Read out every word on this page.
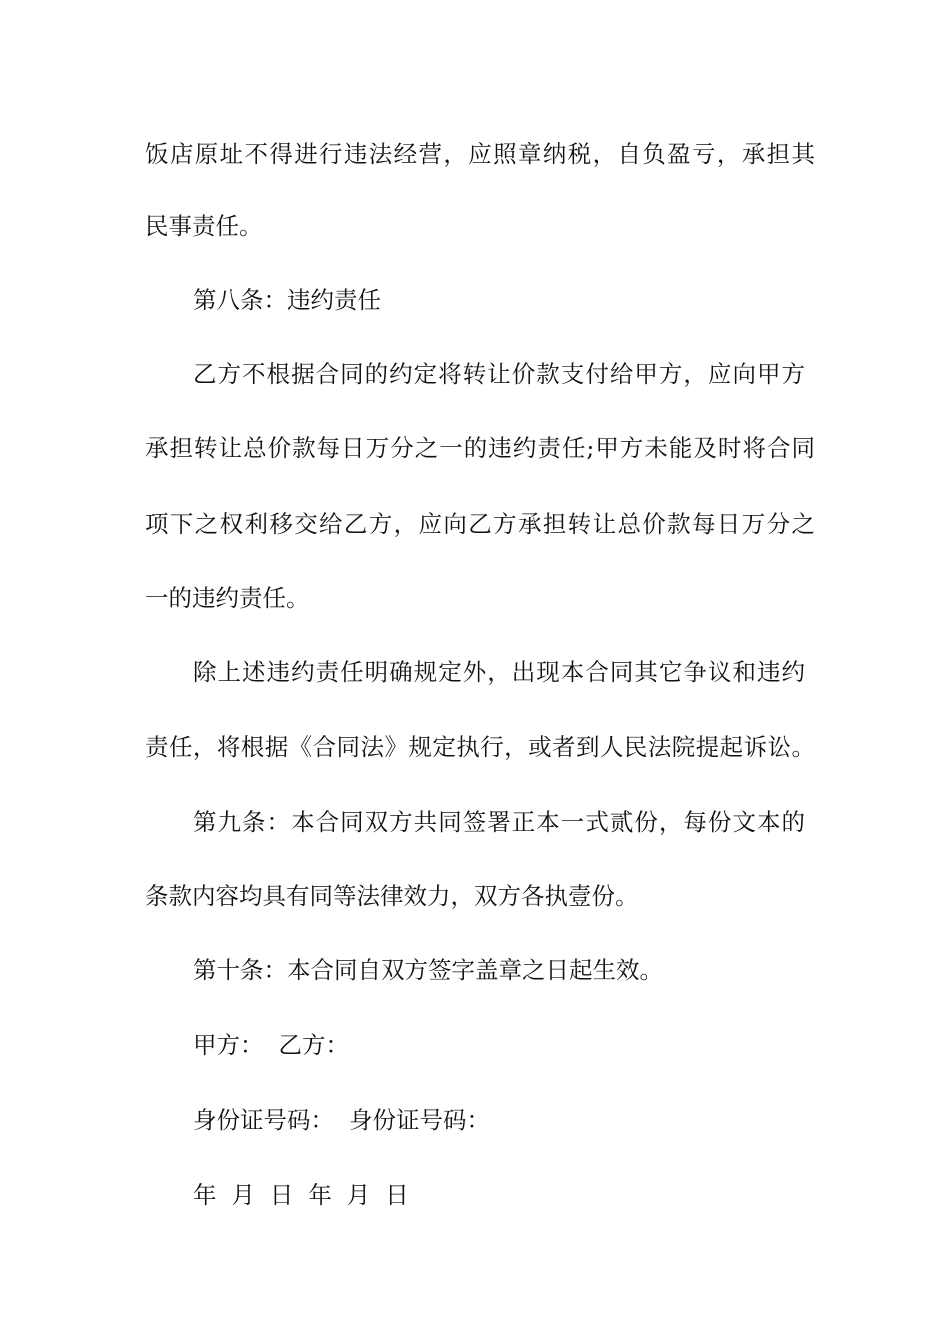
饭店原址不得进行违法经营，应照章纳税，自负盈亏，承担其
民事责任。
第八条：违约责任
乙方不根据合同的约定将转让价款支付给甲方，应向甲方
承担转让总价款每日万分之一的违约责任;甲方未能及时将合同
项下之权利移交给乙方，应向乙方承担转让总价款每日万分之
一的违约责任。
除上述违约责任明确规定外，出现本合同其它争议和违约
责任，将根据《合同法》规定执行，或者到人民法院提起诉讼。
第九条：本合同双方共同签署正本一式贰份，每份文本的
条款内容均具有同等法律效力，双方各执壹份。
第十条：本合同自双方签字盖章之日起生效。
甲方：  乙方：
身份证号码：  身份证号码：
年  月  日  年  月  日
